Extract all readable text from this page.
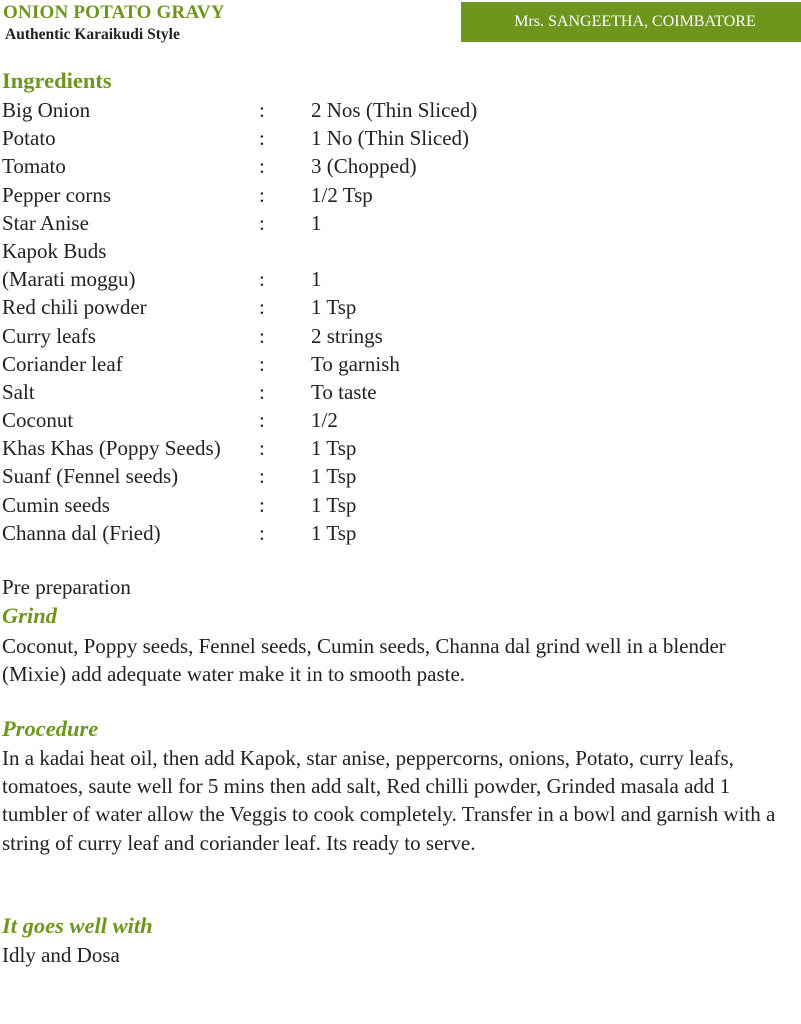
ONION POTATO GRAVY
Authentic Karaikudi Style
Mrs. SANGEETHA, COIMBATORE
Ingredients
Big Onion	: 2 Nos (Thin Sliced)
Potato	: 1 No (Thin Sliced)
Tomato	: 3 (Chopped)
Pepper corns	: 1/2 Tsp
Star Anise	: 1
Kapok Buds
(Marati moggu)	: 1
Red chili powder	: 1 Tsp
Curry leafs	: 2 strings
Coriander leaf	: To garnish
Salt	: To taste
Coconut	: 1/2
Khas Khas (Poppy Seeds) : 1 Tsp
Suanf (Fennel seeds)	: 1 Tsp
Cumin seeds	: 1 Tsp
Channa dal (Fried)	: 1 Tsp
Pre preparation
Grind
Coconut, Poppy seeds, Fennel seeds, Cumin seeds, Channa dal grind well in a blender (Mixie) add adequate water make it in to smooth paste.
Procedure
In a kadai heat oil, then add Kapok, star anise, peppercorns, onions, Potato, curry leafs, tomatoes, saute well for 5 mins then add salt, Red chilli powder, Grinded masala add 1 tumbler of water allow the Veggis to cook completely. Transfer in a bowl and garnish with a string of curry leaf and coriander leaf. Its ready to serve.
It goes well with
Idly and Dosa
